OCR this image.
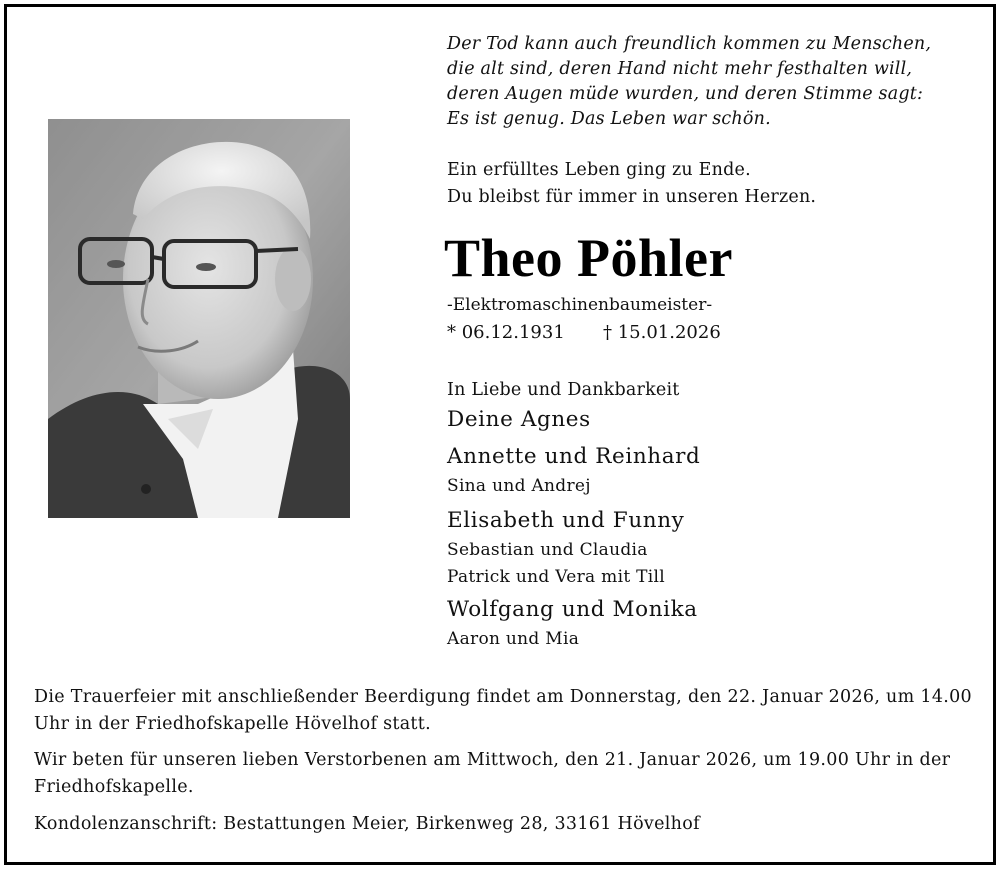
Der Tod kann auch freundlich kommen zu Menschen,
die alt sind, deren Hand nicht mehr festhalten will,
deren Augen müde wurden, und deren Stimme sagt:
Es ist genug. Das Leben war schön.
Ein erfülltes Leben ging zu Ende.
Du bleibst für immer in unseren Herzen.
Theo Pöhler
-Elektromaschinenbaumeister-
* 06.12.1931 † 15.01.2026
In Liebe und Dankbarkeit
Deine Agnes
Annette und Reinhard
Sina und Andrej
Elisabeth und Funny
Sebastian und Claudia
Patrick und Vera mit Till
Wolfgang und Monika
Aaron und Mia

Die Trauerfeier mit anschließender Beerdigung findet am Donnerstag, den 22. Januar 2026, um 14.00 Uhr in der Friedhofskapelle Hövelhof statt.

Wir beten für unseren lieben Verstorbenen am Mittwoch, den 21. Januar 2026, um 19.00 Uhr in der Friedhofskapelle.

Kondolenzanschrift: Bestattungen Meier, Birkenweg 28, 33161 Hövelhof
